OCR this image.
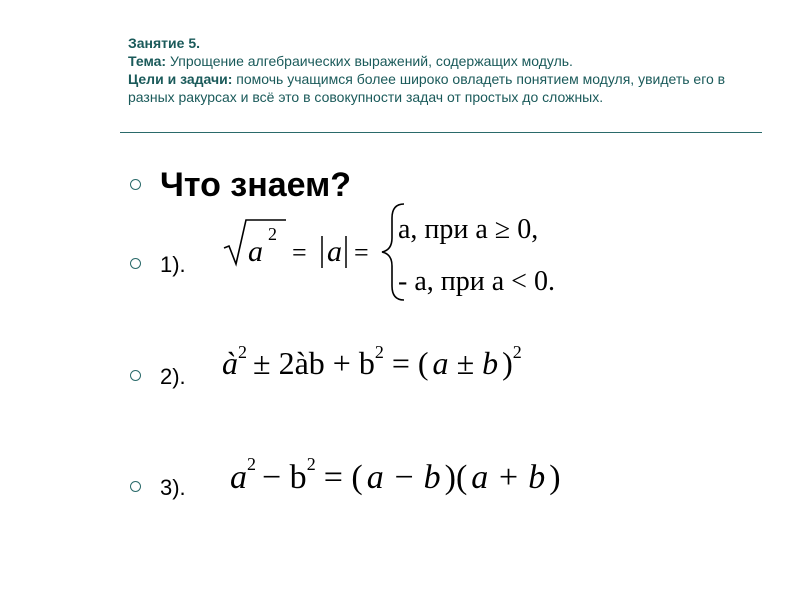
Занятие 5.
Тема: Упрощение алгебраических выражений, содержащих модуль.
Цели и задачи: помочь учащимся более широко овладеть понятием модуля, увидеть его в разных ракурсах и всё это в совокупности задач от простых до сложных.
Что знаем?
1). a
2
= a =
a, при a ≥ 0,
- a, при a < 0.
2). $à^2$ ± 2àb + $b^2$ = ( a ± b )$^2$
3). $a^2 - b^2$ = ( a − b )( a + b )
